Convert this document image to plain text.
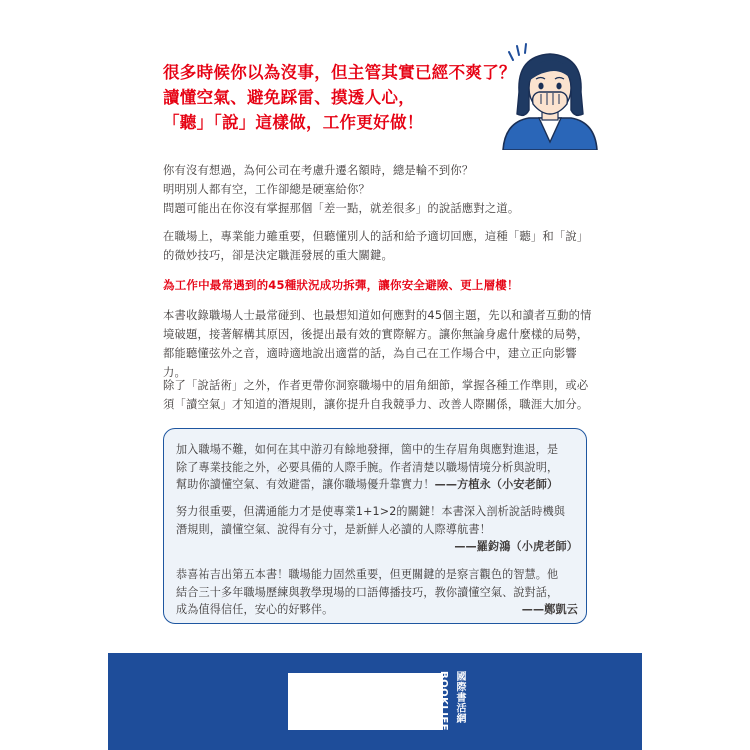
很多時候你以為沒事，但主管其實已經不爽了？

讀懂空氣、避免踩雷、摸透人心，

「聽」「說」這樣做，工作更好做！

你有沒有想過，為何公司在考慮升遷名額時，總是輪不到你？

明明別人都有空，工作卻總是硬塞給你？

問題可能出在你沒有掌握那個「差一點，就差很多」的說話應對之道。

在職場上，專業能力雖重要，但聽懂別人的話和給予適切回應，這種「聽」和「說」

的微妙技巧，卻是決定職涯發展的重大關鍵。

為工作中最常遇到的45種狀況成功拆彈，讓你安全避險、更上層樓！

本書收錄職場人士最常碰到、也最想知道如何應對的45個主題，先以和讀者互動的情

境破題，接著解構其原因，後提出最有效的實際解方。讓你無論身處什麼樣的局勢，

都能聽懂弦外之音，適時適地說出適當的話，為自己在工作場合中，建立正向影響力。

除了「說話術」之外，作者更帶你洞察職場中的眉角細節，掌握各種工作準則，或必

須「讀空氣」才知道的潛規則，讓你提升自我競爭力、改善人際關係，職涯大加分。

加入職場不難，如何在其中游刃有餘地發揮，箇中的生存眉角與應對進退，是

除了專業技能之外，必要具備的人際手腕。作者清楚以職場情境分析與說明，

幫助你讀懂空氣、有效避雷，讓你職場優升靠實力！——方植永（小安老師）

努力很重要，但溝通能力才是使專業1+1>2的關鍵！本書深入剖析說話時機與

潛規則，讀懂空氣、說得有分寸，是新鮮人必讀的人際導航書！

——羅鈞鴻（小虎老師）

恭喜祐吉出第五本書！職場能力固然重要，但更關鍵的是察言觀色的智慧。他

結合三十多年職場歷練與教學現場的口語傳播技巧，教你讀懂空氣、說對話，

成為值得信任，安心的好夥伴。	——鄭凱云

國際書活網 BOOKLIFE
